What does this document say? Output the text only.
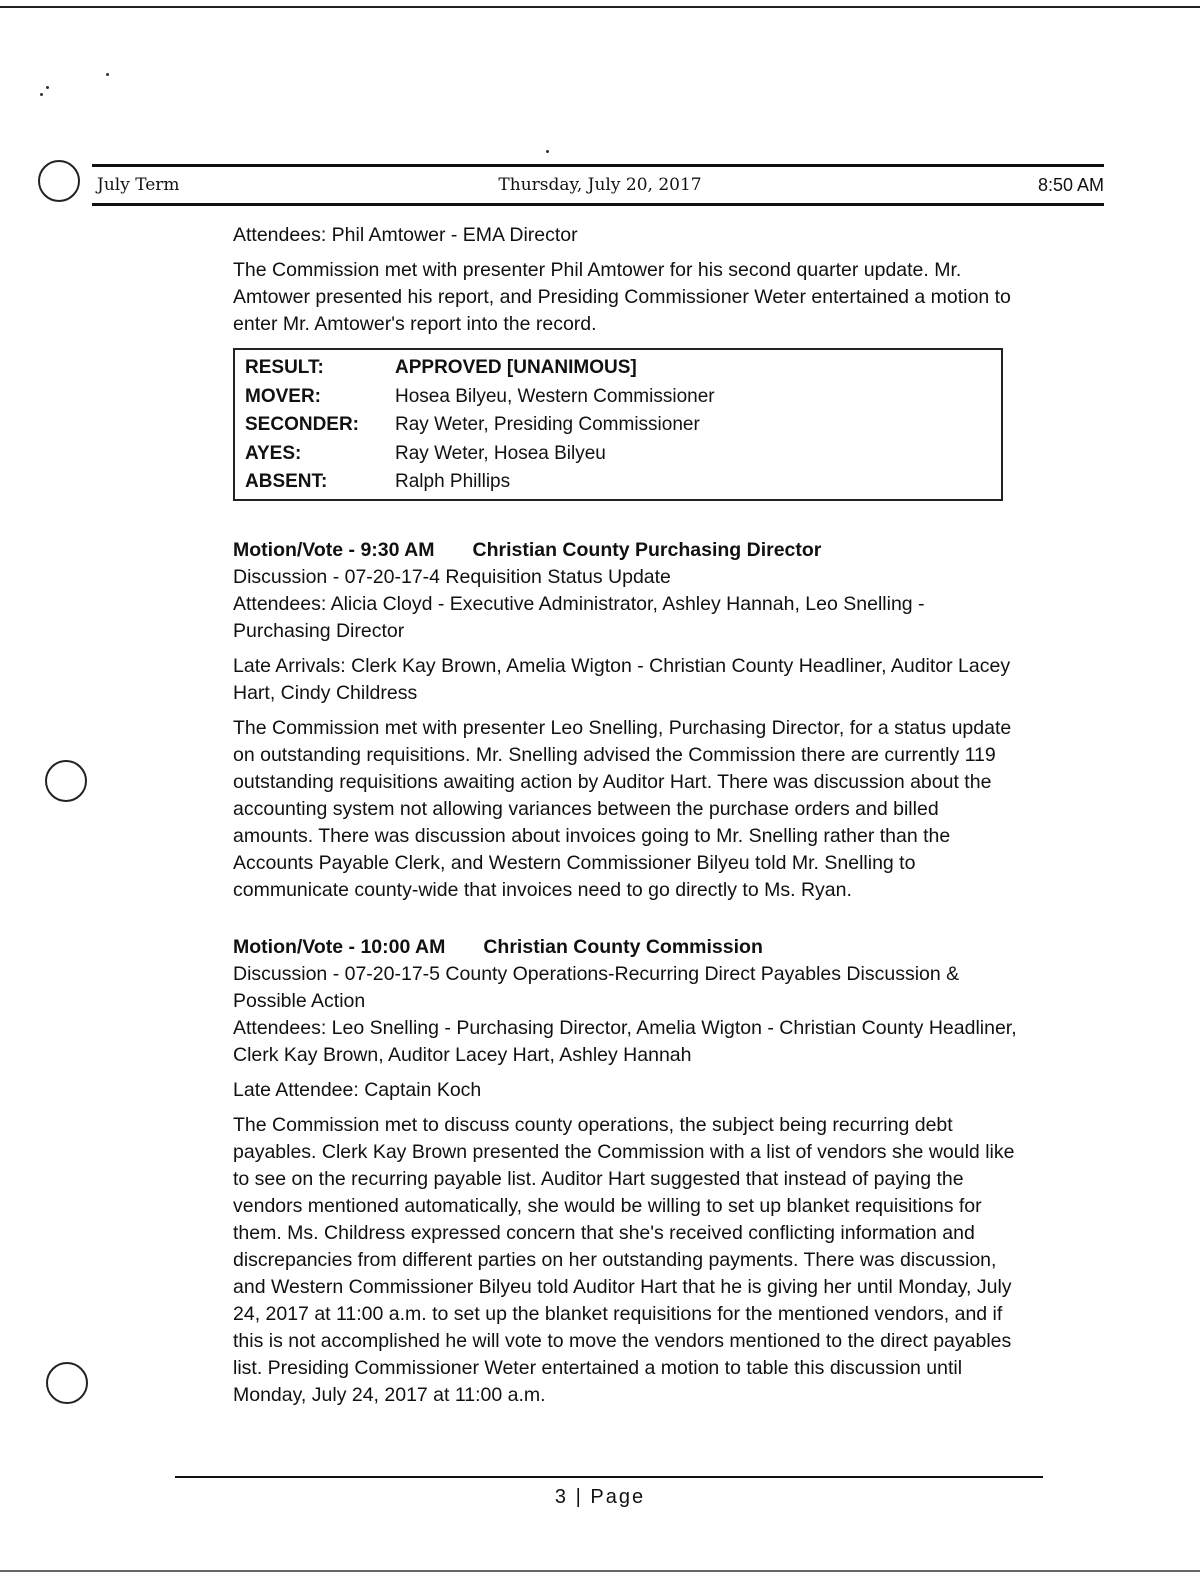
July Term	Thursday, July 20, 2017	8:50 AM

Attendees: Phil Amtower - EMA Director

The Commission met with presenter Phil Amtower for his second quarter update. Mr. Amtower presented his report, and Presiding Commissioner Weter entertained a motion to enter Mr. Amtower's report into the record.

RESULT:	APPROVED [UNANIMOUS]
MOVER:	Hosea Bilyeu, Western Commissioner
SECONDER:	Ray Weter, Presiding Commissioner
AYES:	Ray Weter, Hosea Bilyeu
ABSENT:	Ralph Phillips

Motion/Vote - 9:30 AM Christian County Purchasing Director

Discussion - 07-20-17-4 Requisition Status Update

Attendees: Alicia Cloyd - Executive Administrator, Ashley Hannah, Leo Snelling - Purchasing Director

Late Arrivals: Clerk Kay Brown, Amelia Wigton - Christian County Headliner, Auditor Lacey Hart, Cindy Childress

The Commission met with presenter Leo Snelling, Purchasing Director, for a status update on outstanding requisitions. Mr. Snelling advised the Commission there are currently 119 outstanding requisitions awaiting action by Auditor Hart. There was discussion about the accounting system not allowing variances between the purchase orders and billed amounts. There was discussion about invoices going to Mr. Snelling rather than the Accounts Payable Clerk, and Western Commissioner Bilyeu told Mr. Snelling to communicate county-wide that invoices need to go directly to Ms. Ryan.

Motion/Vote - 10:00 AM Christian County Commission

Discussion - 07-20-17-5 County Operations-Recurring Direct Payables Discussion & Possible Action

Attendees: Leo Snelling - Purchasing Director, Amelia Wigton - Christian County Headliner, Clerk Kay Brown, Auditor Lacey Hart, Ashley Hannah

Late Attendee: Captain Koch

The Commission met to discuss county operations, the subject being recurring debt payables. Clerk Kay Brown presented the Commission with a list of vendors she would like to see on the recurring payable list. Auditor Hart suggested that instead of paying the vendors mentioned automatically, she would be willing to set up blanket requisitions for them. Ms. Childress expressed concern that she's received conflicting information and discrepancies from different parties on her outstanding payments. There was discussion, and Western Commissioner Bilyeu told Auditor Hart that he is giving her until Monday, July 24, 2017 at 11:00 a.m. to set up the blanket requisitions for the mentioned vendors, and if this is not accomplished he will vote to move the vendors mentioned to the direct payables list. Presiding Commissioner Weter entertained a motion to table this discussion until Monday, July 24, 2017 at 11:00 a.m.

3 | Page
